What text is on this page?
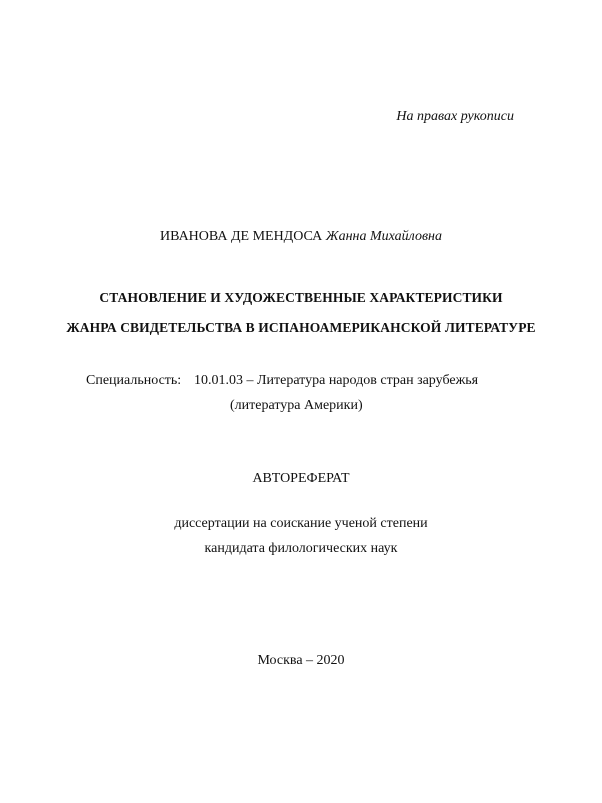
На правах рукописи
ИВАНОВА ДЕ МЕНДОСА Жанна Михайловна
СТАНОВЛЕНИЕ И ХУДОЖЕСТВЕННЫЕ ХАРАКТЕРИСТИКИ
ЖАНРА СВИДЕТЕЛЬСТВА В ИСПАНОАМЕРИКАНСКОЙ ЛИТЕРАТУРЕ
Специальность: 10.01.03 – Литература народов стран зарубежья
(литература Америки)
АВТОРЕФЕРАТ
диссертации на соискание ученой степени
кандидата филологических наук
Москва – 2020
